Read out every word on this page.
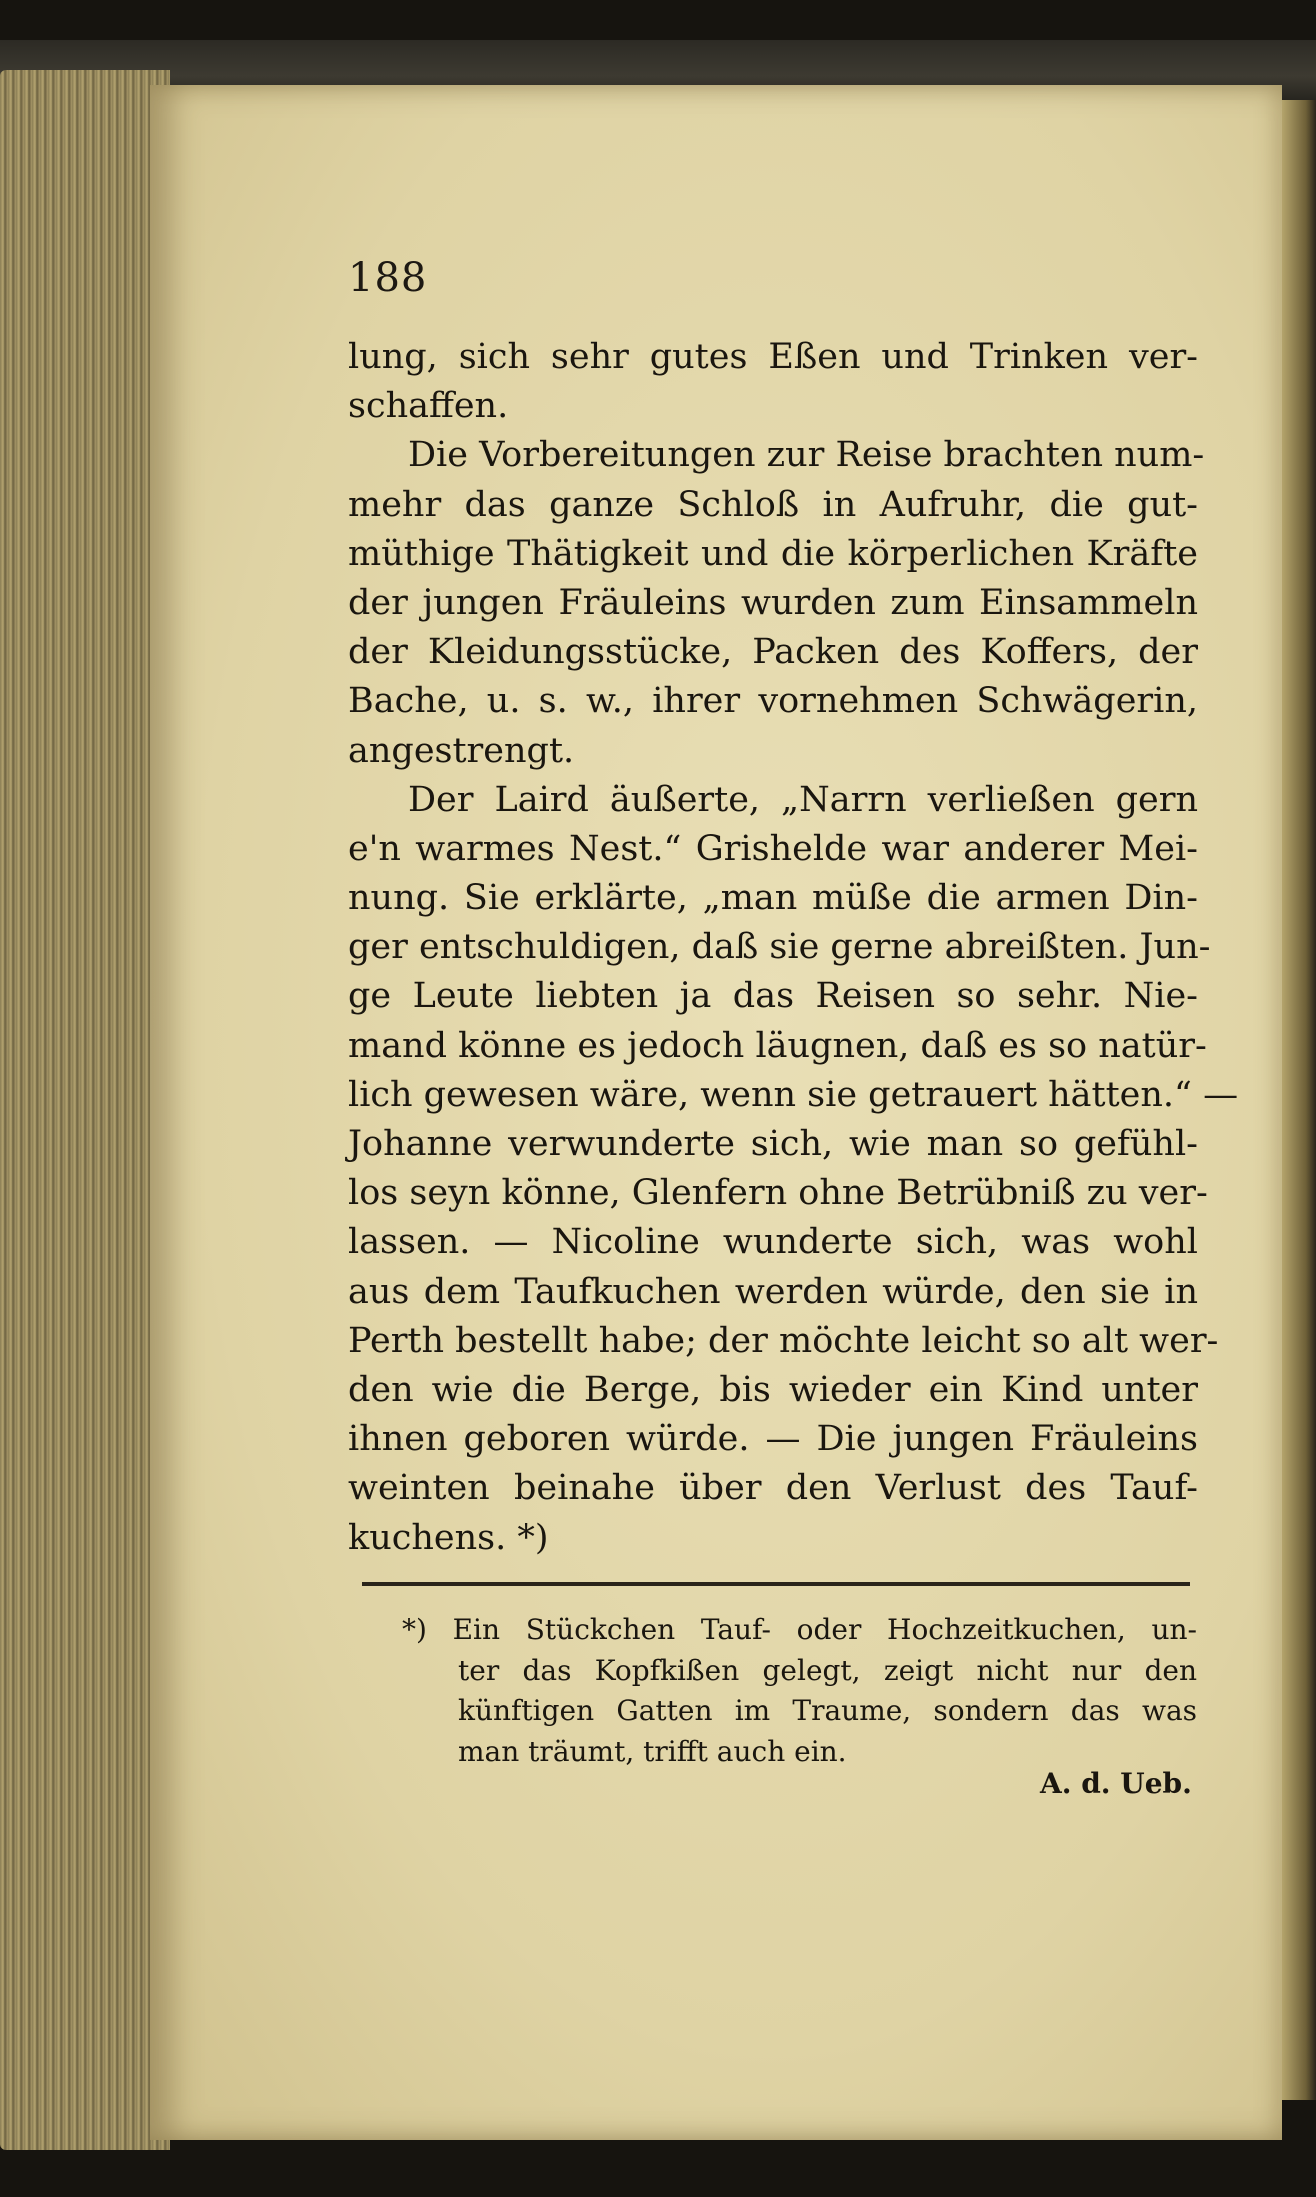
188
lung, sich sehr gutes Eßen und Trinken ver-
schaffen.
Die Vorbereitungen zur Reise brachten num-
mehr das ganze Schloß in Aufruhr, die gut-
müthige Thätigkeit und die körperlichen Kräfte
der jungen Fräuleins wurden zum Einsammeln
der Kleidungsstücke, Packen des Koffers, der
Bache, u. s. w., ihrer vornehmen Schwägerin,
angestrengt.
Der Laird äußerte, „Narrn verließen gern
e'n warmes Nest.“ Grishelde war anderer Mei-
nung. Sie erklärte, „man müße die armen Din-
ger entschuldigen, daß sie gerne abreißten. Jun-
ge Leute liebten ja das Reisen so sehr. Nie-
mand könne es jedoch läugnen, daß es so natür-
lich gewesen wäre, wenn sie getrauert hätten.“ —
Johanne verwunderte sich, wie man so gefühl-
los seyn könne, Glenfern ohne Betrübniß zu ver-
lassen. — Nicoline wunderte sich, was wohl
aus dem Taufkuchen werden würde, den sie in
Perth bestellt habe; der möchte leicht so alt wer-
den wie die Berge, bis wieder ein Kind unter
ihnen geboren würde. — Die jungen Fräuleins
weinten beinahe über den Verlust des Tauf-
kuchens. *)
*) Ein Stückchen Tauf- oder Hochzeitkuchen, un-
ter das Kopfkißen gelegt, zeigt nicht nur den
künftigen Gatten im Traume, sondern das was
man träumt, trifft auch ein.
A. d. Ueb.
